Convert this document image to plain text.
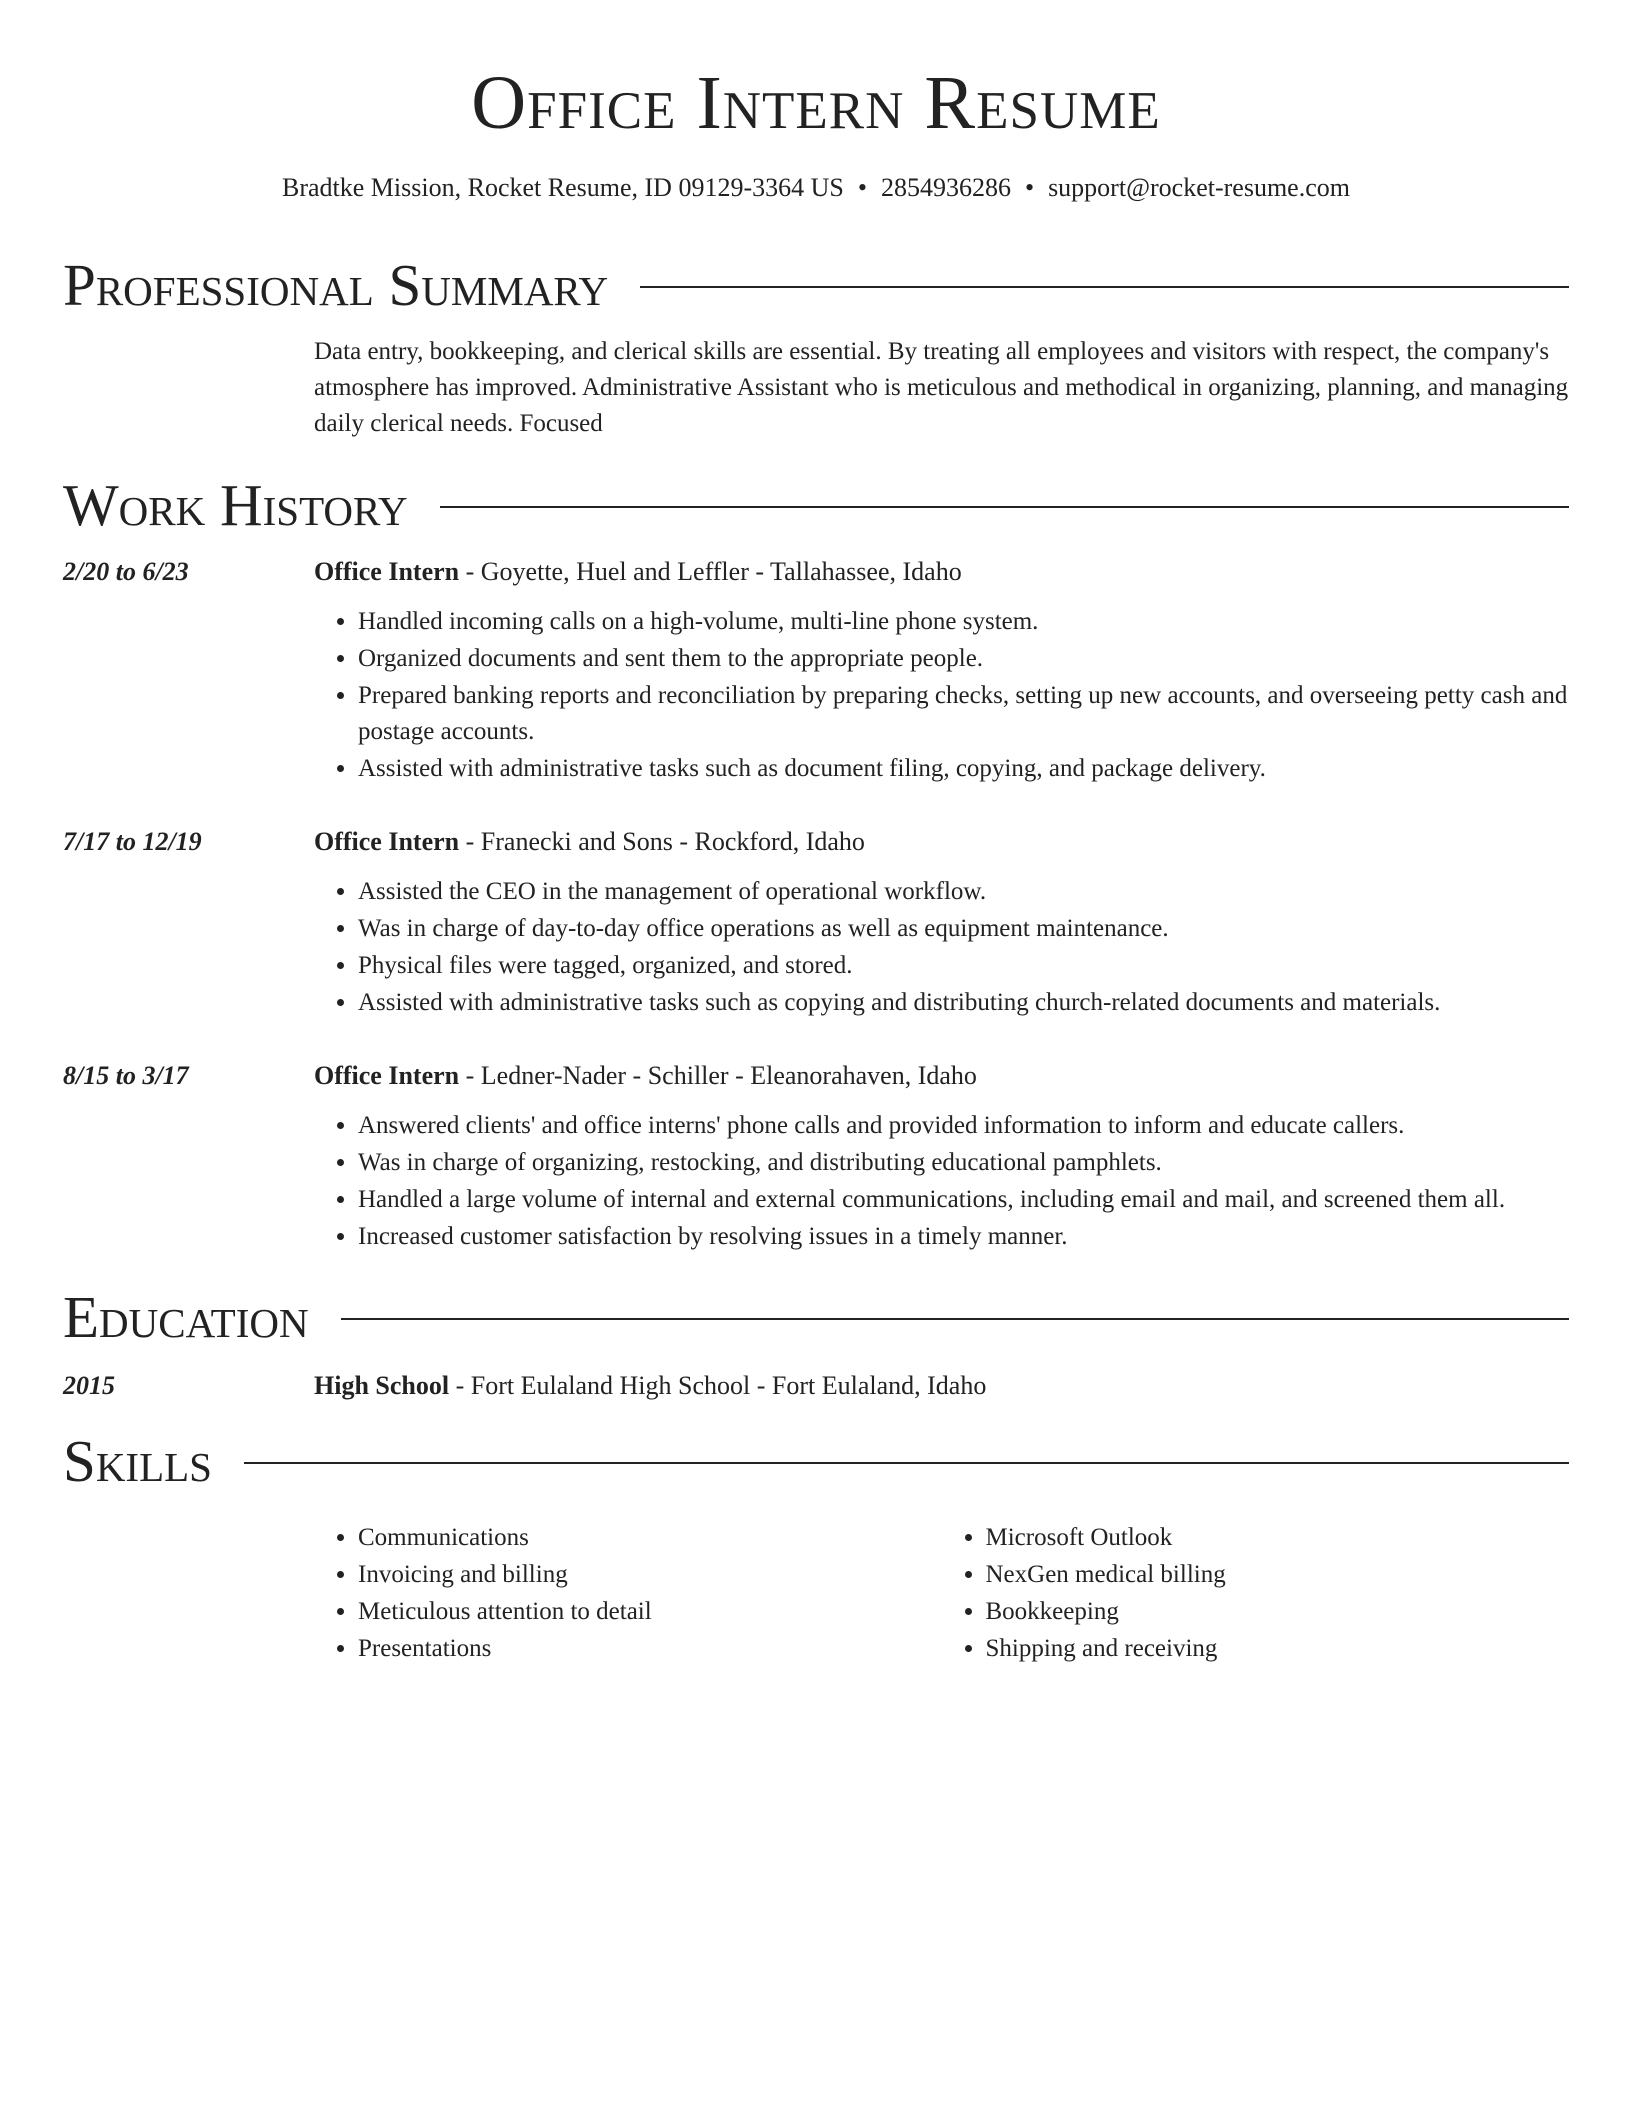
Office Intern Resume
Bradtke Mission, Rocket Resume, ID 09129-3364 US • 2854936286 • support@rocket-resume.com
Professional Summary
Data entry, bookkeeping, and clerical skills are essential. By treating all employees and visitors with respect, the company's atmosphere has improved. Administrative Assistant who is meticulous and methodical in organizing, planning, and managing daily clerical needs. Focused
Work History
2/20 to 6/23	Office Intern - Goyette, Huel and Leffler - Tallahassee, Idaho
• Handled incoming calls on a high-volume, multi-line phone system.
• Organized documents and sent them to the appropriate people.
• Prepared banking reports and reconciliation by preparing checks, setting up new accounts, and overseeing petty cash and postage accounts.
• Assisted with administrative tasks such as document filing, copying, and package delivery.
7/17 to 12/19	Office Intern - Franecki and Sons - Rockford, Idaho
• Assisted the CEO in the management of operational workflow.
• Was in charge of day-to-day office operations as well as equipment maintenance.
• Physical files were tagged, organized, and stored.
• Assisted with administrative tasks such as copying and distributing church-related documents and materials.
8/15 to 3/17	Office Intern - Ledner-Nader - Schiller - Eleanorahaven, Idaho
• Answered clients' and office interns' phone calls and provided information to inform and educate callers.
• Was in charge of organizing, restocking, and distributing educational pamphlets.
• Handled a large volume of internal and external communications, including email and mail, and screened them all.
• Increased customer satisfaction by resolving issues in a timely manner.
Education
2015	High School - Fort Eulaland High School - Fort Eulaland, Idaho
Skills
• Communications
• Invoicing and billing
• Meticulous attention to detail
• Presentations
• Microsoft Outlook
• NexGen medical billing
• Bookkeeping
• Shipping and receiving
